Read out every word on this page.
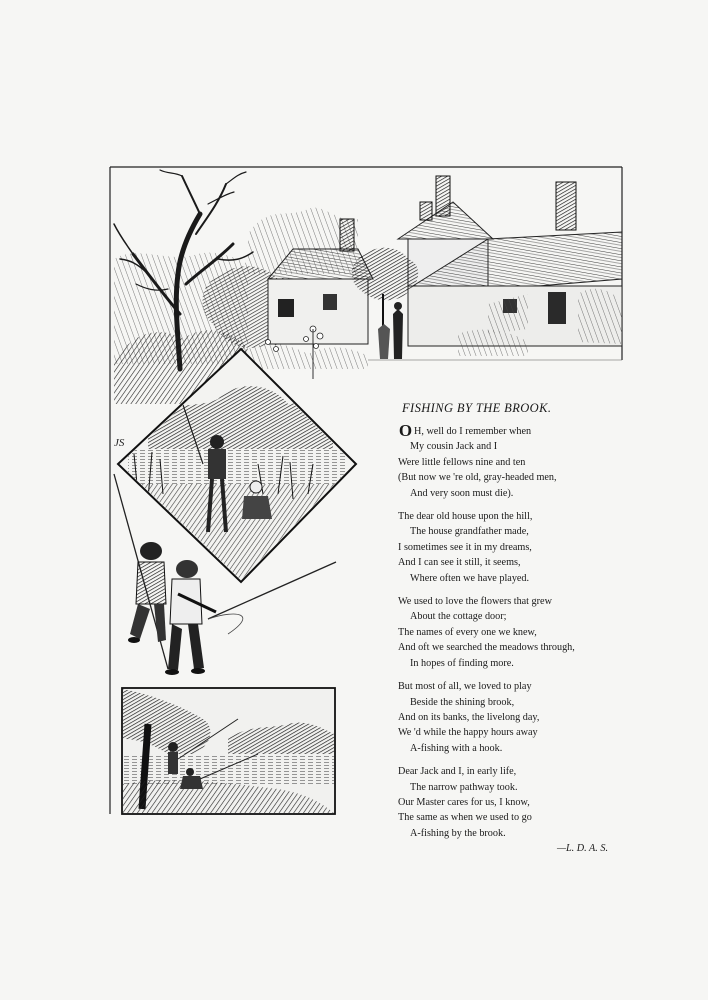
JS
FISHING BY THE BROOK.
O H, well do I remember when
My cousin Jack and I
Were little fellows nine and ten
(But now we 're old, gray-headed men,
And very soon must die).
The dear old house upon the hill,
The house grandfather made,
I sometimes see it in my dreams,
And I can see it still, it seems,
Where often we have played.
We used to love the flowers that grew
About the cottage door;
The names of every one we knew,
And oft we searched the meadows through,
In hopes of finding more.
But most of all, we loved to play
Beside the shining brook,
And on its banks, the livelong day,
We 'd while the happy hours away
A-fishing with a hook.
Dear Jack and I, in early life,
The narrow pathway took.
Our Master cares for us, I know,
The same as when we used to go
A-fishing by the brook.
—L. D. A. S.
